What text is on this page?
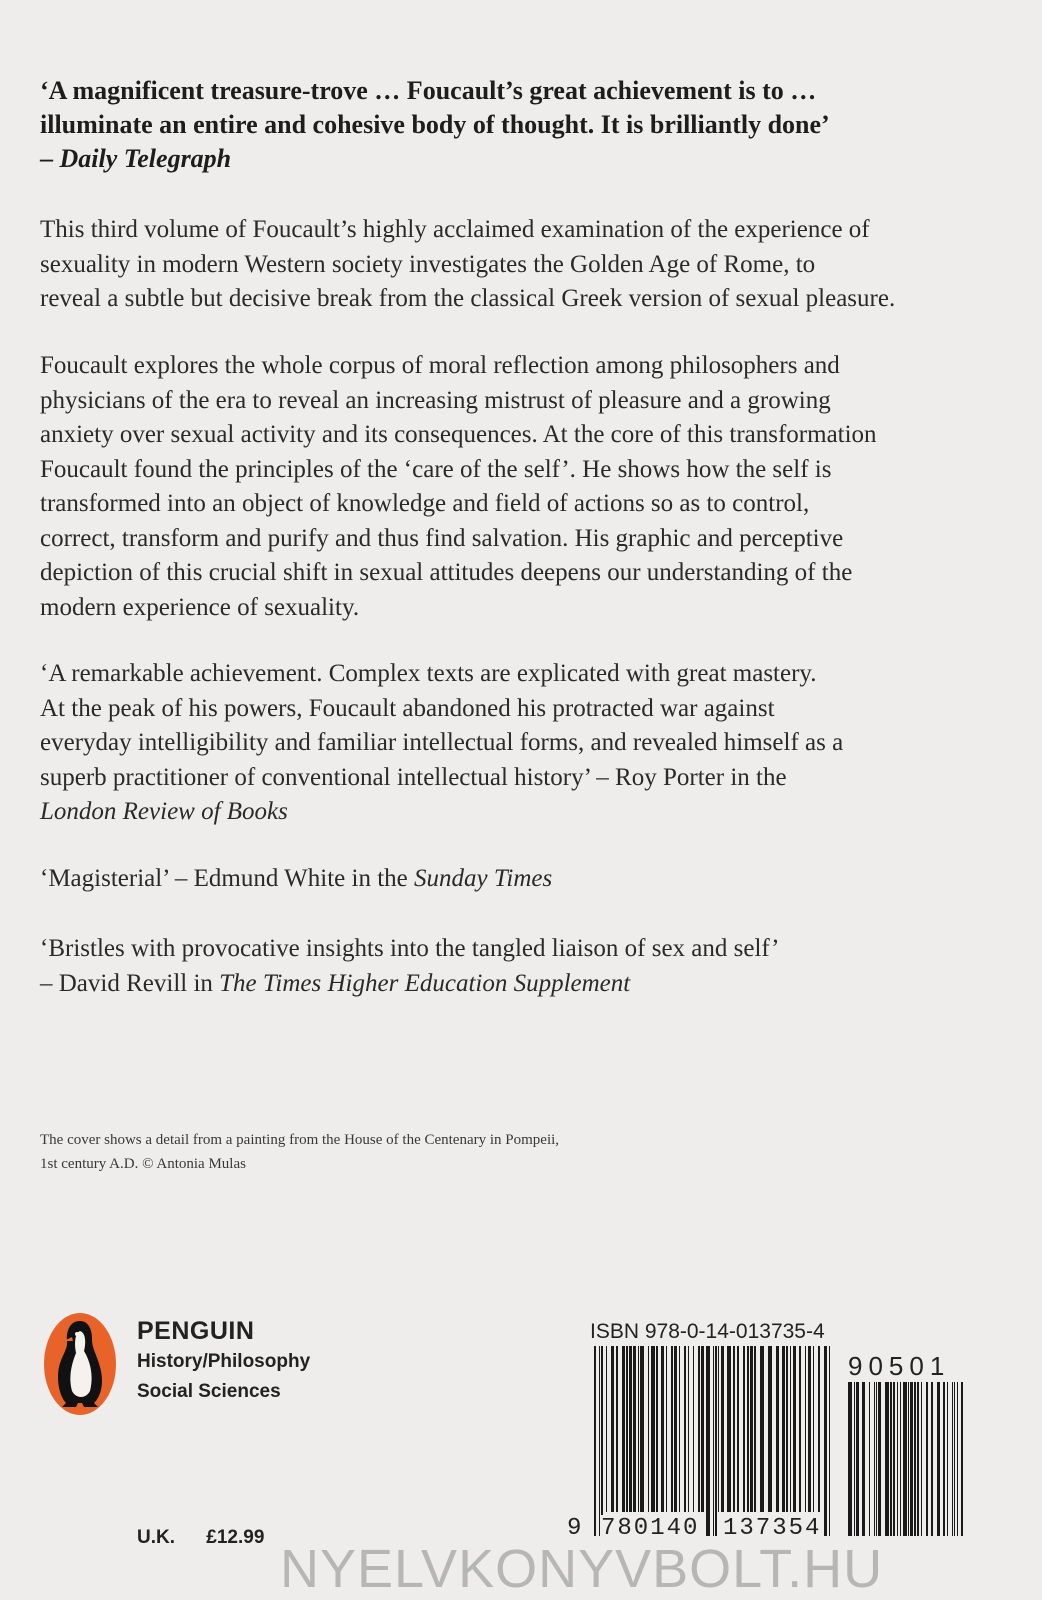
‘A magnificent treasure-trove … Foucault’s great achievement is to …
illuminate an entire and cohesive body of thought. It is brilliantly done’
– Daily Telegraph
This third volume of Foucault’s highly acclaimed examination of the experience of
sexuality in modern Western society investigates the Golden Age of Rome, to
reveal a subtle but decisive break from the classical Greek version of sexual pleasure.
Foucault explores the whole corpus of moral reflection among philosophers and
physicians of the era to reveal an increasing mistrust of pleasure and a growing
anxiety over sexual activity and its consequences. At the core of this transformation
Foucault found the principles of the ‘care of the self’. He shows how the self is
transformed into an object of knowledge and field of actions so as to control,
correct, transform and purify and thus find salvation. His graphic and perceptive
depiction of this crucial shift in sexual attitudes deepens our understanding of the
modern experience of sexuality.
‘A remarkable achievement. Complex texts are explicated with great mastery.
At the peak of his powers, Foucault abandoned his protracted war against
everyday intelligibility and familiar intellectual forms, and revealed himself as a
superb practitioner of conventional intellectual history’ – Roy Porter in the
London Review of Books
‘Magisterial’ – Edmund White in the Sunday Times
‘Bristles with provocative insights into the tangled liaison of sex and self’
– David Revill in The Times Higher Education Supplement
The cover shows a detail from a painting from the House of the Centenary in Pompeii,
1st century A.D. © Antonia Mulas
PENGUIN
History/Philosophy
Social Sciences
ISBN 978-0-14-013735-4
9 780140 137354
90501
U.K. £12.99
NYELVKONYVBOLT.HU
